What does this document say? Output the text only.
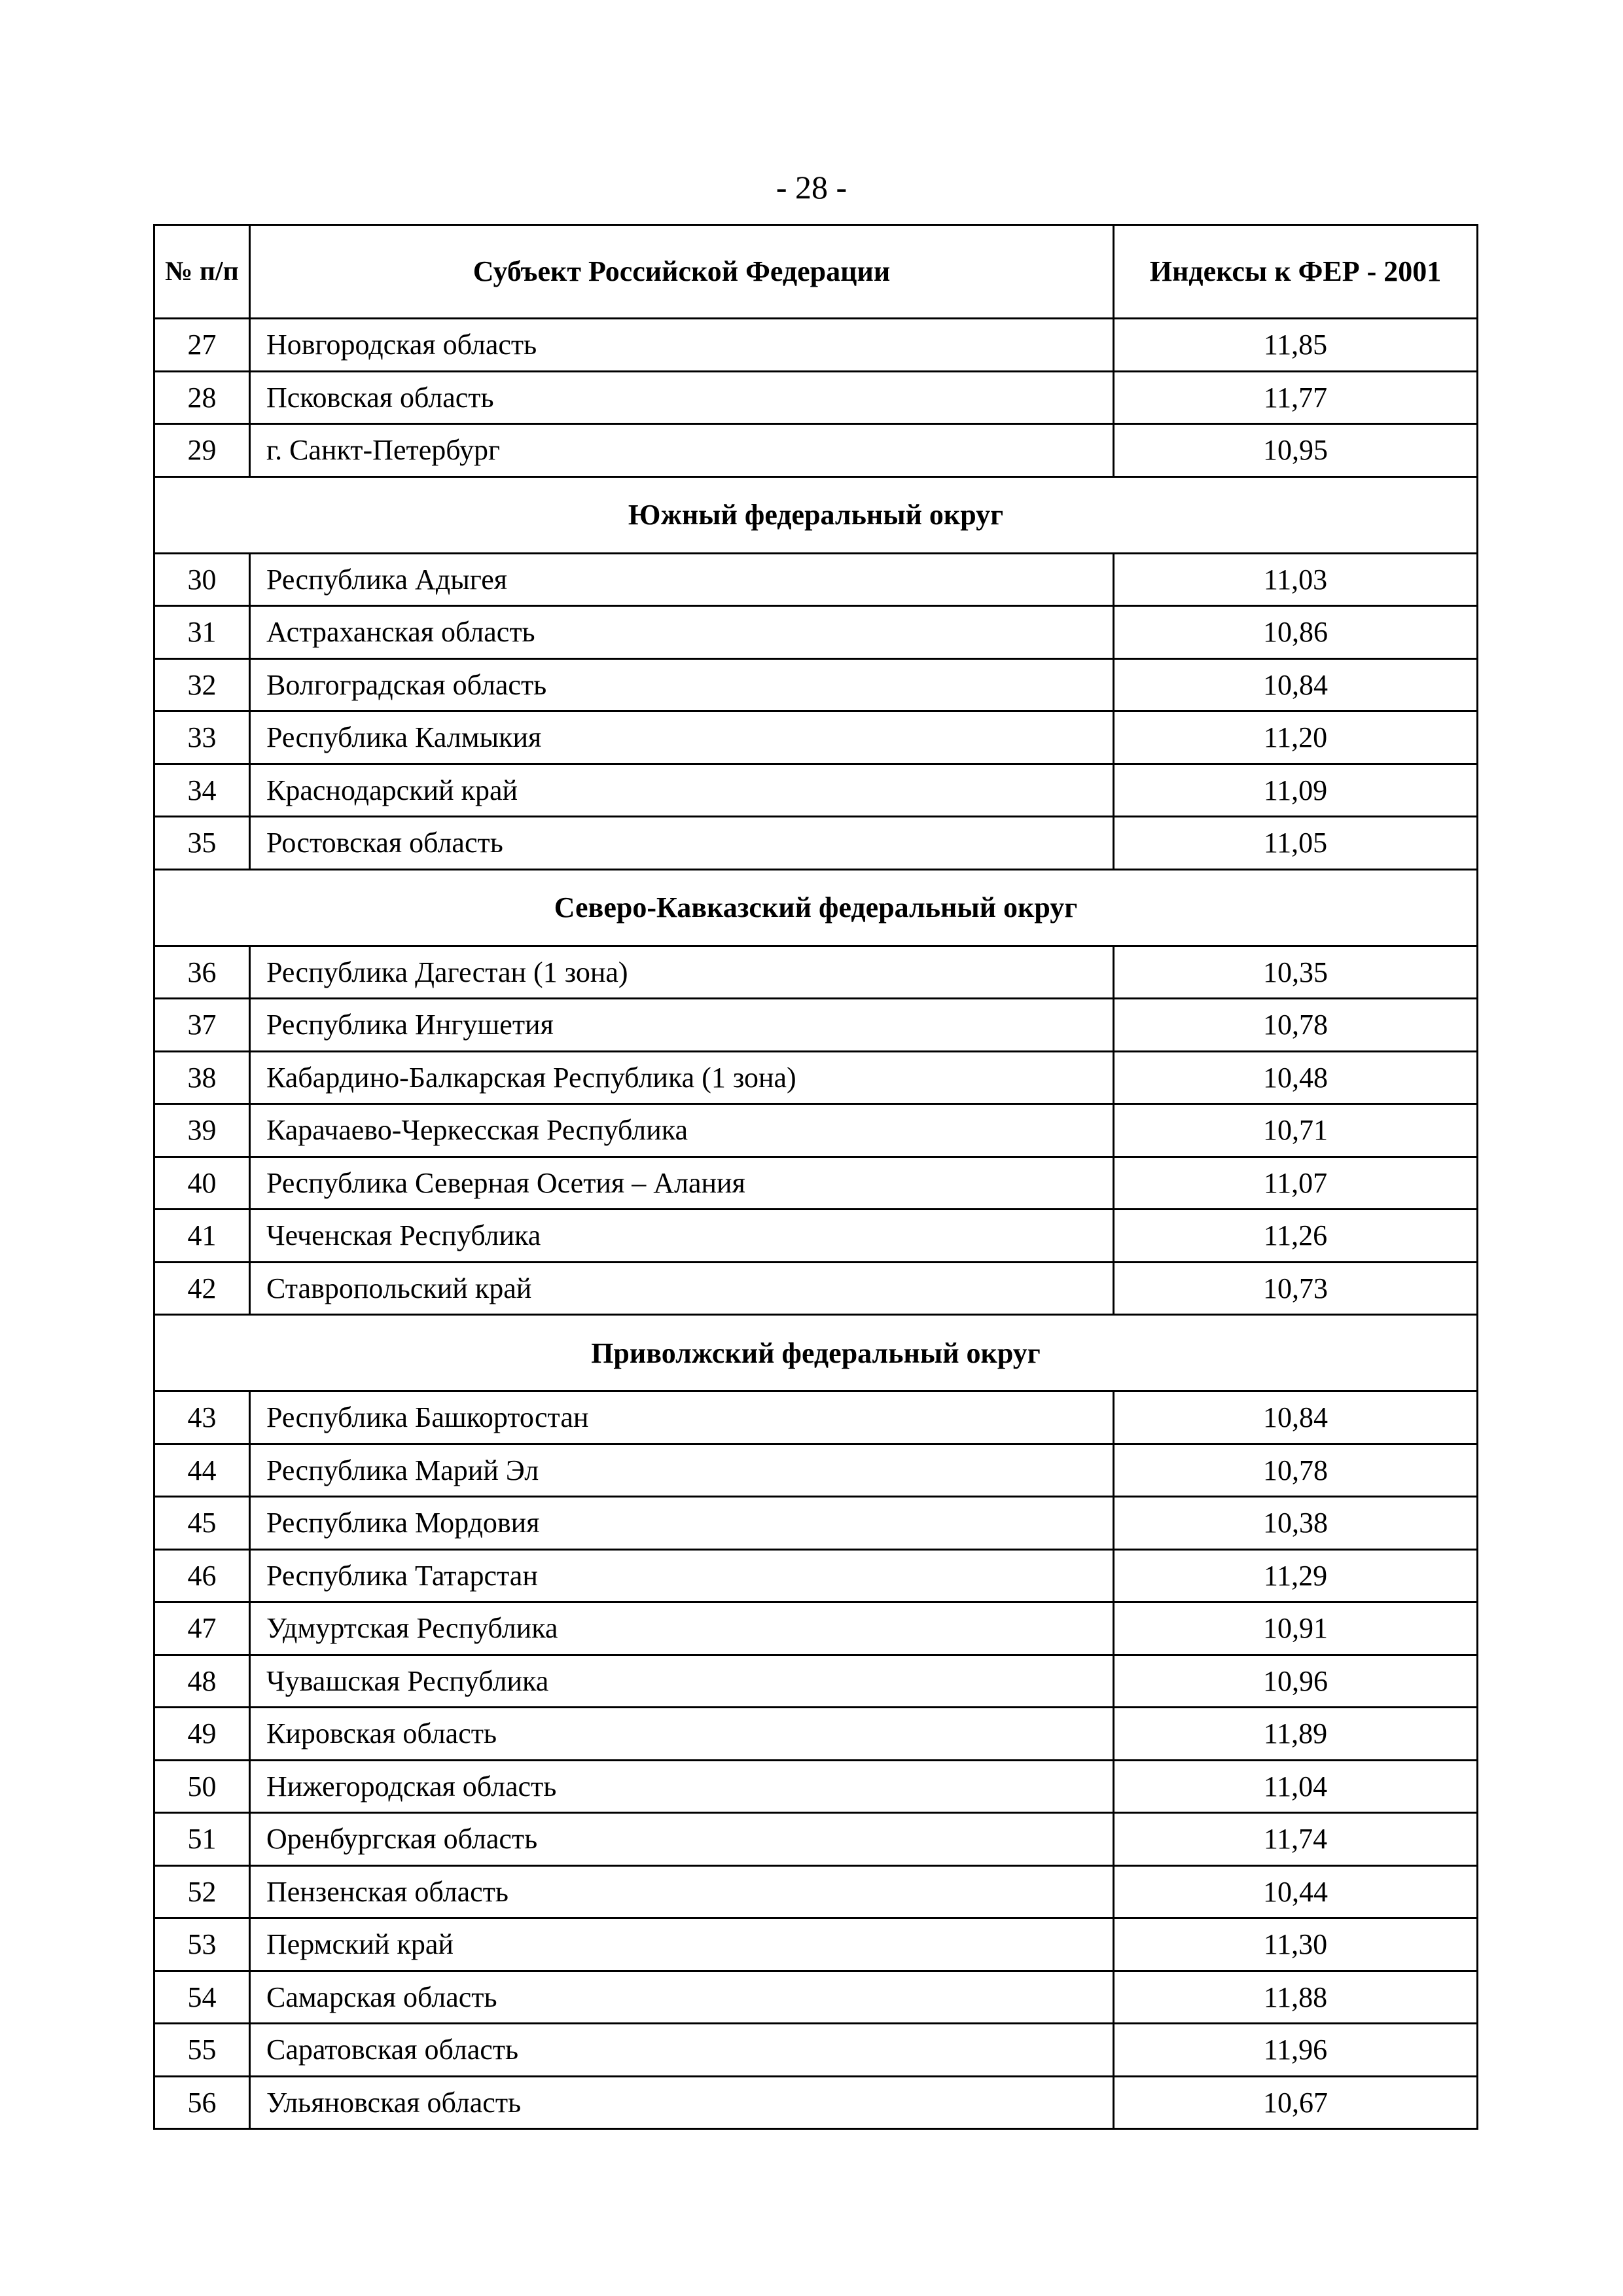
- 28 -
№ п/п	Субъект Российской Федерации	Индексы к ФЕР - 2001
27	Новгородская область	11,85
28	Псковская область	11,77
29	г. Санкт-Петербург	10,95
Южный федеральный округ		
30	Республика Адыгея	11,03
31	Астраханская область	10,86
32	Волгоградская область	10,84
33	Республика Калмыкия	11,20
34	Краснодарский край	11,09
35	Ростовская область	11,05
Северо-Кавказский федеральный округ		
36	Республика Дагестан (1 зона)	10,35
37	Республика Ингушетия	10,78
38	Кабардино-Балкарская Республика (1 зона)	10,48
39	Карачаево-Черкесская Республика	10,71
40	Республика Северная Осетия – Алания	11,07
41	Чеченская Республика	11,26
42	Ставропольский край	10,73
Приволжский федеральный округ		
43	Республика Башкортостан	10,84
44	Республика Марий Эл	10,78
45	Республика Мордовия	10,38
46	Республика Татарстан	11,29
47	Удмуртская Республика	10,91
48	Чувашская Республика	10,96
49	Кировская область	11,89
50	Нижегородская область	11,04
51	Оренбургская область	11,74
52	Пензенская область	10,44
53	Пермский край	11,30
54	Самарская область	11,88
55	Саратовская область	11,96
56	Ульяновская область	10,67
